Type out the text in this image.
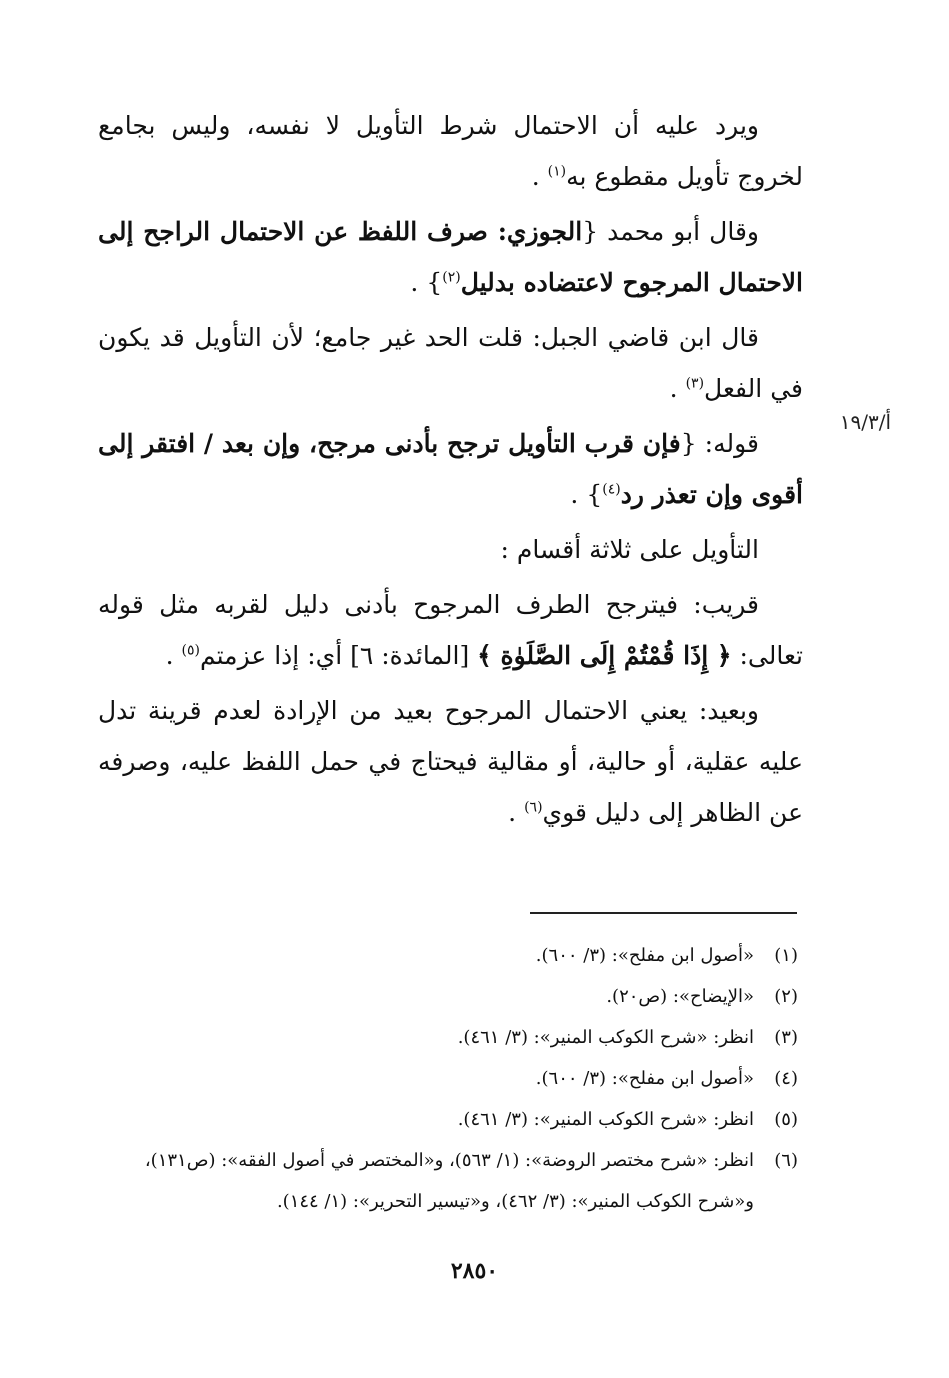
أ/١٩/٣

ويرد عليه أن الاحتمال شرط التأويل لا نفسه، وليس بجامع لخروج تأويل مقطوع به$^{(١)}$ .

وقال أبو محمد {الجوزي: صرف اللفظ عن الاحتمال الراجح إلى الاحتمال المرجوح لاعتضاده بدليل$^{(٢)}$} .

قال ابن قاضي الجبل: قلت الحد غير جامع؛ لأن التأويل قد يكون في الفعل$^{(٣)}$ .

قوله: {فإن قرب التأويل ترجح بأدنى مرجح، وإن بعد / افتقر إلى أقوى وإن تعذر رد$^{(٤)}$} .

التأويل على ثلاثة أقسام :

قريب: فيترجح الطرف المرجوح بأدنى دليل لقربه مثل قوله تعالى: ﴿ إِذَا قُمْتُمْ إِلَى الصَّلَوٰةِ ﴾ [المائدة: ٦] أي: إذا عزمتم$^{(٥)}$ .

وبعيد: يعني الاحتمال المرجوح بعيد من الإرادة لعدم قرينة تدل عليه عقلية، أو حالية، أو مقالية فيحتاج في حمل اللفظ عليه، وصرفه عن الظاهر إلى دليل قوي$^{(٦)}$ .

(١)
«أصول ابن مفلح»: (٣/ ٦٠٠).
(٢)
«الإيضاح»: (ص٢٠).
(٣)
انظر: «شرح الكوكب المنير»: (٣/ ٤٦١).
(٤)
«أصول ابن مفلح»: (٣/ ٦٠٠).
(٥)
انظر: «شرح الكوكب المنير»: (٣/ ٤٦١).
(٦)
انظر: «شرح مختصر الروضة»: (١/ ٥٦٣)، و«المختصر في أصول الفقه»: (ص١٣١)، و«شرح الكوكب المنير»: (٣/ ٤٦٢)، و«تيسير التحرير»: (١/ ١٤٤).
٢٨٥٠
